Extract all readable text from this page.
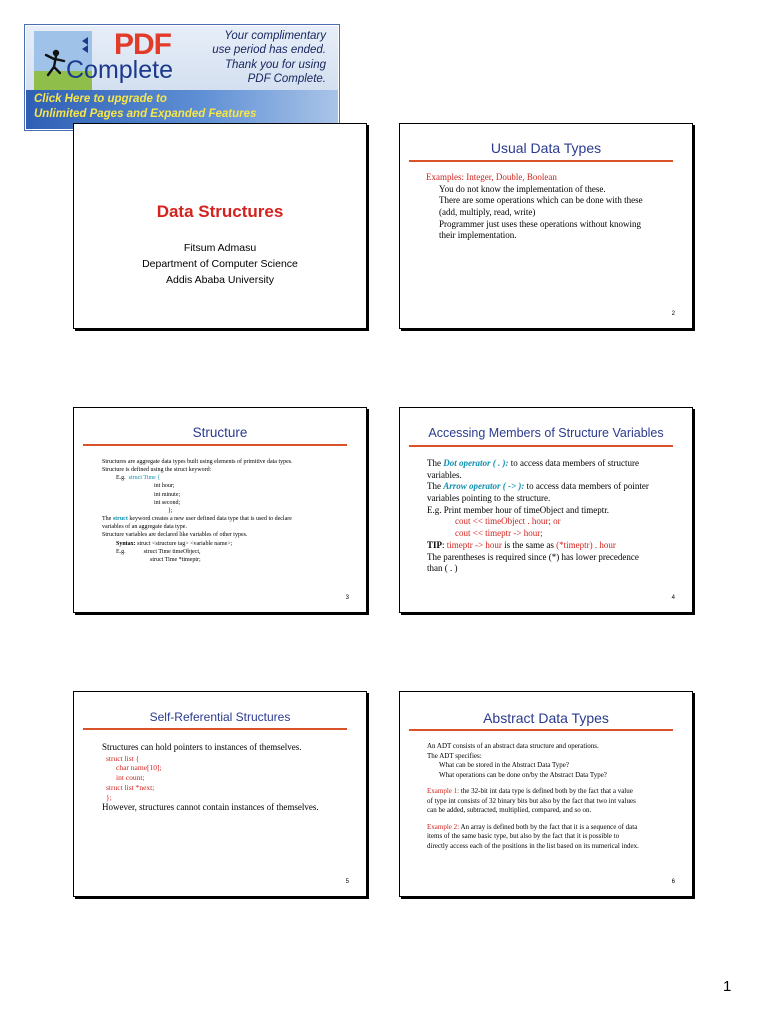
PDF
Complete
Your complimentary
use period has ended.
Thank you for using
PDF Complete.
Click Here to upgrade to
Unlimited Pages and Expanded Features
Data Structures
Fitsum Admasu
Department of Computer Science
Addis Ababa University
Usual Data Types
Examples: Integer, Double, Boolean
You do not know the implementation of these.
There are some operations which can be done with these
(add, multiply, read, write)
Programmer just uses these operations without knowing
their implementation.
2
Structure
Structures are aggregate data types built using elements of primitive data types.
Structure is defined using the struct keyword:
E.g. struct Time {
int hour;
int minute;
int second;
};
The struct keyword creates a new user defined data type that is used to declare
variables of an aggregate data type.
Structure variables are declared like variables of other types.
Syntax: struct <structure tag> <variable name>;
E.g.	struct Time timeObject,
struct Time *timeptr;
3
Accessing Members of Structure Variables
The Dot operator ( . ): to access data members of structure
variables.
The Arrow operator ( -> ): to access data members of pointer
variables pointing to the structure.
E.g. Print member hour of timeObject and timeptr.
cout << timeObject . hour; or
cout << timeptr -> hour;
TIP: timeptr -> hour is the same as (*timeptr) . hour
The parentheses is required since (*) has lower precedence
than ( . )
4
Self-Referential Structures
Structures can hold pointers to instances of themselves.
struct list {
char name[10];
int count;
struct list *next;
};
However, structures cannot contain instances of themselves.
5
Abstract Data Types
An ADT consists of an abstract data structure and operations.
The ADT specifies:
What can be stored in the Abstract Data Type?
What operations can be done on/by the Abstract Data Type?
Example 1: the 32-bit int data type is defined both by the fact that a value
of type int consists of 32 binary bits but also by the fact that two int values
can be added, subtracted, multiplied, compared, and so on.
Example 2: An array is defined both by the fact that it is a sequence of data
items of the same basic type, but also by the fact that it is possible to
directly access each of the positions in the list based on its numerical index.
6
1
